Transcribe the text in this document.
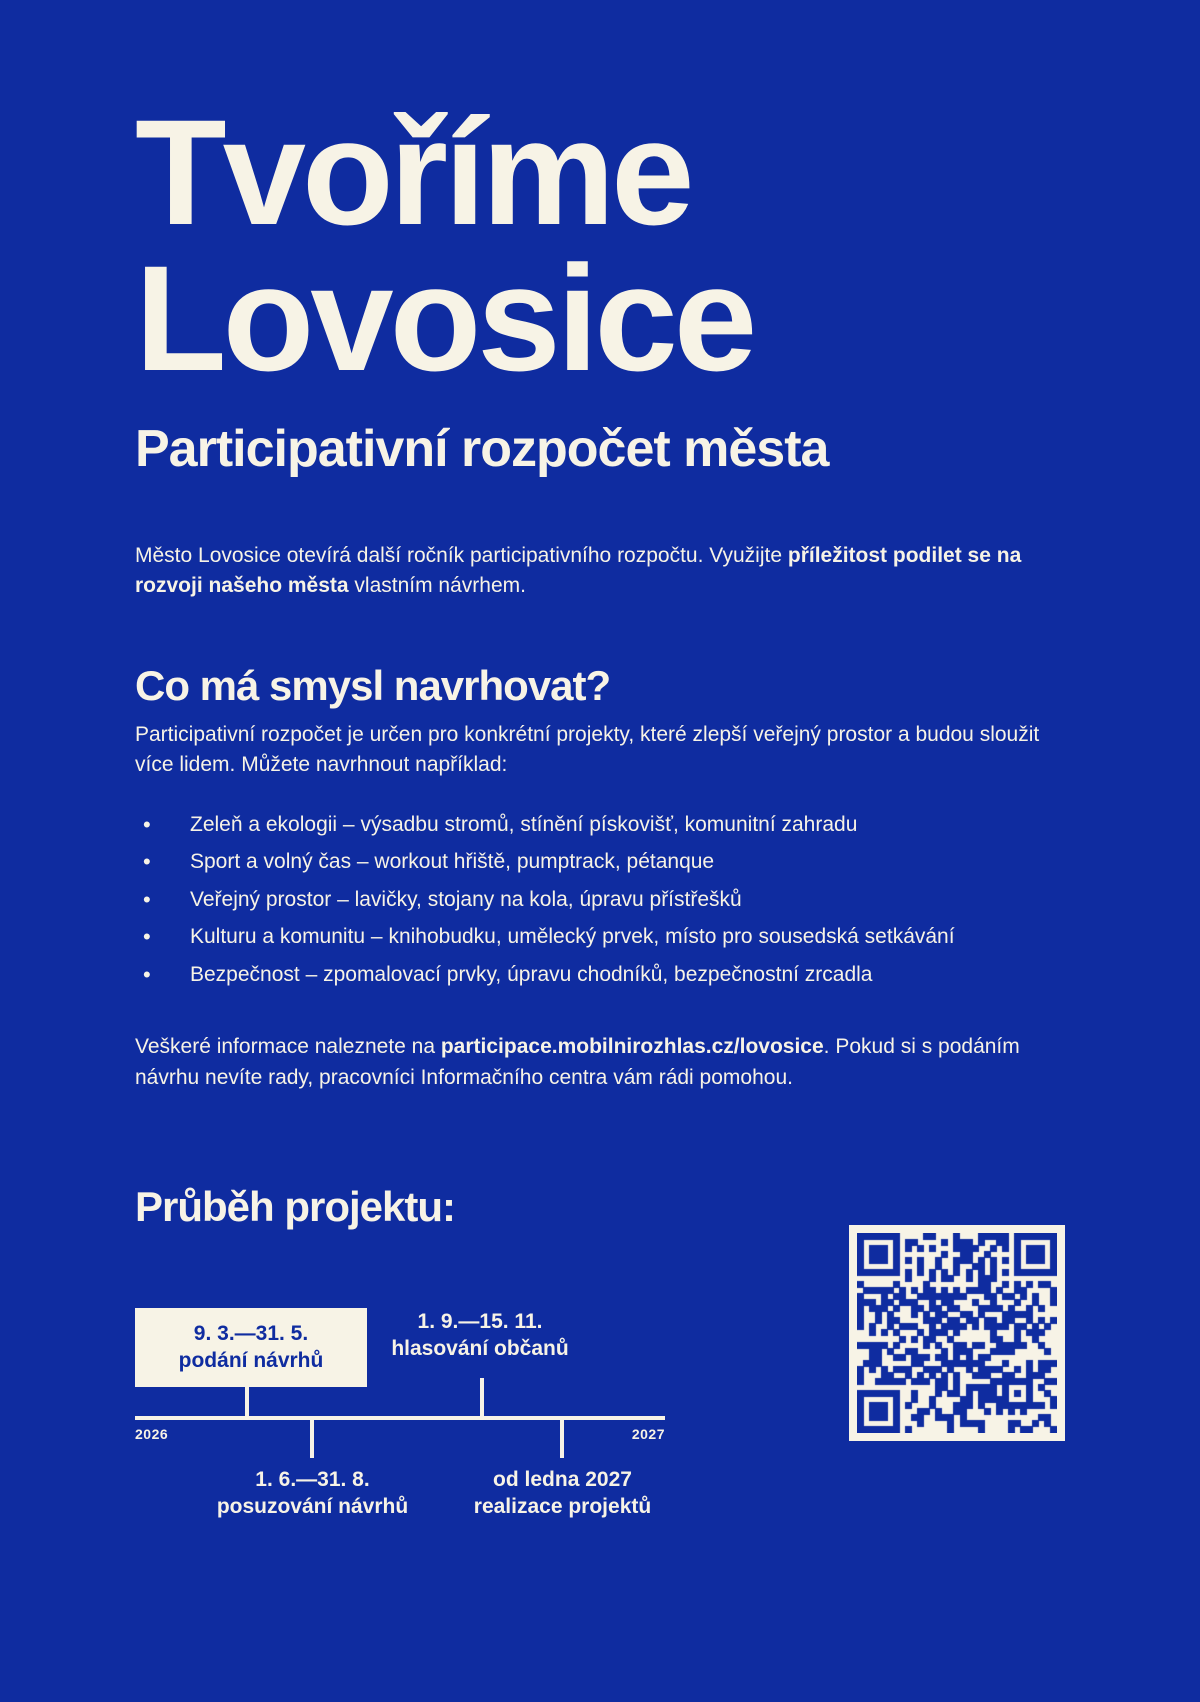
Tvoříme
Lovosice
Participativní rozpočet města

Město Lovosice otevírá další ročník participativního rozpočtu. Využijte příležitost podilet se na rozvoji našeho města vlastním návrhem.

Co má smysl navrhovat?

Participativní rozpočet je určen pro konkrétní projekty, které zlepší veřejný prostor a budou sloužit více lidem. Můžete navrhnout například:

• Zeleň a ekologii – výsadbu stromů, stínění pískovišť, komunitní zahradu
• Sport a volný čas – workout hřiště, pumptrack, pétanque
• Veřejný prostor – lavičky, stojany na kola, úpravu přístřešků
• Kulturu a komunitu – knihobudku, umělecký prvek, místo pro sousedská setkávání
• Bezpečnost – zpomalovací prvky, úpravu chodníků, bezpečnostní zrcadla

Veškeré informace naleznete na participace.mobilnirozhlas.cz/lovosice. Pokud si s podáním návrhu nevíte rady, pracovníci Informačního centra vám rádi pomohou.

Průběh projektu:
2026	2027
9. 3.—31. 5.
podání návrhů
1. 9.—15. 11.
hlasování občanů
1. 6.—31. 8.
posuzování návrhů
od ledna 2027
realizace projektů
